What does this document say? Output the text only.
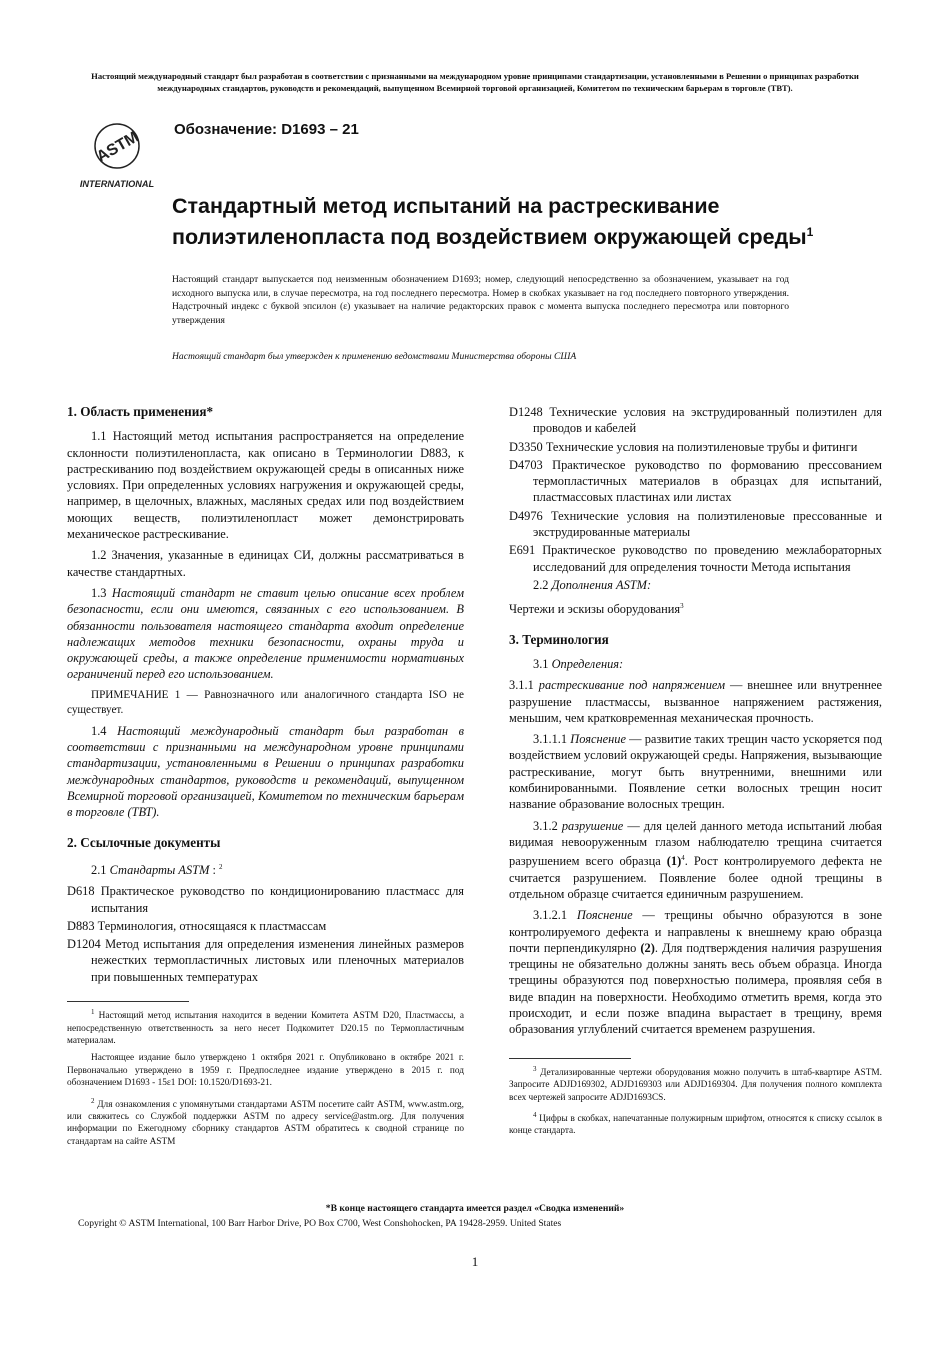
Настоящий международный стандарт был разработан в соответствии с признанными на международном уровне принципами стандартизации, установленными в Решении о принципах разработки международных стандартов, руководств и рекомендаций, выпущенном Всемирной торговой организацией, Комитетом по техническим барьерам в торговле (ТВТ).
ASTM
INTERNATIONAL
Обозначение: D1693 – 21
Стандартный метод испытаний на растрескивание полиэтиленопласта под воздействием окружающей среды$^1$
Настоящий стандарт выпускается под неизменным обозначением D1693; номер, следующий непосредственно за обозначением, указывает на год исходного выпуска или, в случае пересмотра, на год последнего пересмотра. Номер в скобках указывает на год последнего повторного утверждения. Надстрочный индекс с буквой эпсилон (ε) указывает на наличие редакторских правок с момента выпуска последнего пересмотра или повторного утверждения
Настоящий стандарт был утвержден к применению ведомствами Министерства обороны США
1. Область применения*

1.1 Настоящий метод испытания распространяется на определение склонности полиэтиленопласта, как описано в Терминологии D883, к растрескиванию под воздействием окружающей среды в описанных ниже условиях. При определенных условиях нагружения и окружающей среды, например, в щелочных, влажных, масляных средах или под воздействием моющих веществ, полиэтиленопласт может демонстрировать механическое растрескивание.

1.2 Значения, указанные в единицах СИ, должны рассматриваться в качестве стандартных.

1.3 Настоящий стандарт не ставит целью описание всех проблем безопасности, если они имеются, связанных с его использованием. В обязанности пользователя настоящего стандарта входит определение надлежащих методов техники безопасности, охраны труда и окружающей среды, а также определение применимости нормативных ограничений перед его использованием.

ПРИМЕЧАНИЕ 1 — Равнозначного или аналогичного стандарта ISO не существует.

1.4 Настоящий международный стандарт был разработан в соответствии с признанными на международном уровне принципами стандартизации, установленными в Решении о принципах разработки международных стандартов, руководств и рекомендаций, выпущенном Всемирной торговой организацией, Комитетом по техническим барьерам в торговле (ТВТ).

2. Ссылочные документы

2.1 Стандарты ASTM : $^2$

D618 Практическое руководство по кондиционированию пластмасс для испытания
D883 Терминология, относящаяся к пластмассам
D1204 Метод испытания для определения изменения линейных размеров нежестких термопластичных листовых или пленочных материалов при повышенных температурах

$^1$ Настоящий метод испытания находится в ведении Комитета ASTM D20, Пластмассы, а непосредственную ответственность за него несет Подкомитет D20.15 по Термопластичным материалам.

Настоящее издание было утверждено 1 октября 2021 г. Опубликовано в октябре 2021 г. Первоначально утверждено в 1959 г. Предпоследнее издание утверждено в 2015 г. под обозначением D1693 - 15ε1 DOI: 10.1520/D1693-21.

$^2$ Для ознакомления с упомянутыми стандартами ASTM посетите сайт ASTM, www.astm.org, или свяжитесь со Службой поддержки ASTM по адресу service@astm.org. Для получения информации по Ежегодному сборнику стандартов ASTM обратитесь к сводной странице по стандартам на сайте ASTM

D1248 Технические условия на экструдированный полиэтилен для проводов и кабелей
D3350 Технические условия на полиэтиленовые трубы и фитинги
D4703 Практическое руководство по формованию прессованием термопластичных материалов в образцах для испытаний, пластмассовых пластинах или листах
D4976 Технические условия на полиэтиленовые прессованные и экструдированные материалы
E691 Практическое руководство по проведению межлабораторных исследований для определения точности Метода испытания

2.2 Дополнения ASTM:

Чертежи и эскизы оборудования$^3$

3. Терминология

3.1 Определения:

3.1.1 растрескивание под напряжением — внешнее или внутреннее разрушение пластмассы, вызванное напряжением растяжения, меньшим, чем кратковременная механическая прочность.

3.1.1.1 Пояснение — развитие таких трещин часто ускоряется под воздействием условий окружающей среды. Напряжения, вызывающие растрескивание, могут быть внутренними, внешними или комбинированными. Появление сетки волосных трещин носит название образование волосных трещин.

3.1.2 разрушение — для целей данного метода испытаний любая видимая невооруженным глазом наблюдателю трещина считается разрушением всего образца $(1)^4$. Рост контролируемого дефекта не считается разрушением. Появление более одной трещины в отдельном образце считается единичным разрушением.

3.1.2.1 Пояснение — трещины обычно образуются в зоне контролируемого дефекта и направлены к внешнему краю образца почти перпендикулярно (2). Для подтверждения наличия разрушения трещины не обязательно должны занять весь объем образца. Иногда трещины образуются под поверхностью полимера, проявляя себя в виде впадин на поверхности. Необходимо отметить время, когда это происходит, и если позже впадина вырастает в трещину, время образования углублений считается временем разрушения.

$^3$ Детализированные чертежи оборудования можно получить в штаб-квартире ASTM. Запросите ADJD169302, ADJD169303 или ADJD169304. Для получения полного комплекта всех чертежей запросите ADJD1693CS.

$^4$ Цифры в скобках, напечатанные полужирным шрифтом, относятся к списку ссылок в конце стандарта.

*В конце настоящего стандарта имеется раздел «Сводка изменений»
Copyright © ASTM International, 100 Barr Harbor Drive, PO Box C700, West Conshohocken, PA 19428-2959. United States
1
